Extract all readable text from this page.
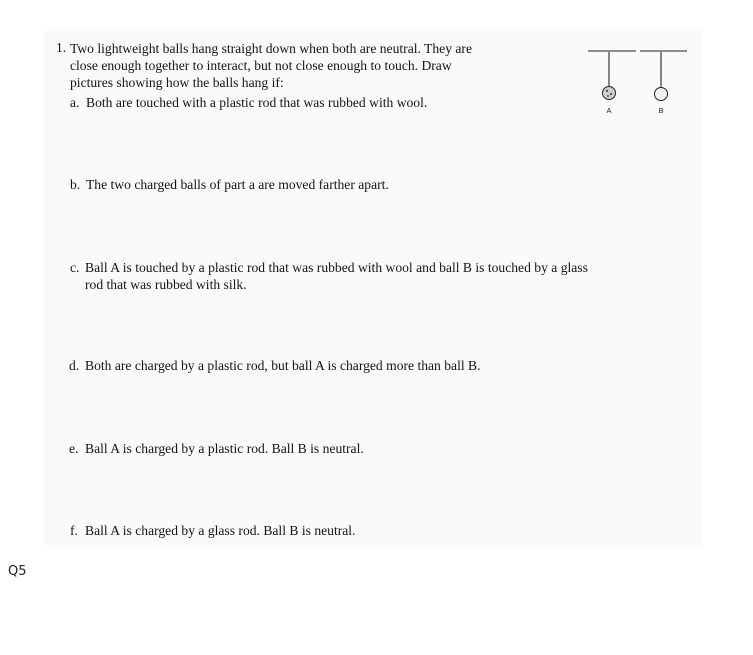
1. Two lightweight balls hang straight down when both are neutral. They are
close enough together to interact, but not close enough to touch. Draw
pictures showing how the balls hang if:
a. Both are touched with a plastic rod that was rubbed with wool.
b. The two charged balls of part a are moved farther apart.
c. Ball A is touched by a plastic rod that was rubbed with wool and ball B is touched by a glass
rod that was rubbed with silk.
d. Both are charged by a plastic rod, but ball A is charged more than ball B.
e. Ball A is charged by a plastic rod. Ball B is neutral.
f. Ball A is charged by a glass rod. Ball B is neutral.
A	B
Q5
